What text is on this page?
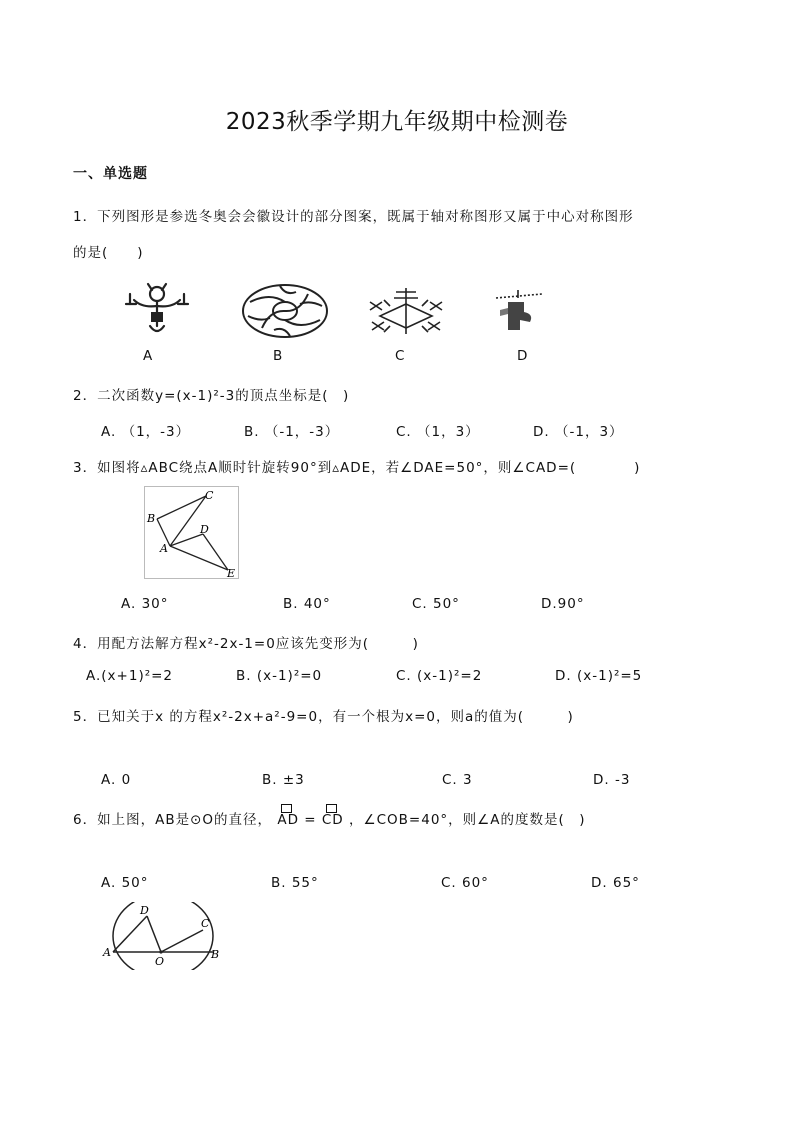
2023秋季学期九年级期中检测卷
一、单选题
1．下列图形是参选冬奥会会徽设计的部分图案，既属于轴对称图形又属于中心对称图形
的是(　　)
A	B	C	D
2．二次函数y=(x-1)²-3的顶点坐标是(　)
A. （1，-3）	B. （-1，-3）	C. （1，3）	D. （-1，3）
3．如图将▵ABC绕点A顺时针旋转90°到▵ADE，若∠DAE=50°，则∠CAD=(　　　　)
A
B
C
D
E
A. 30°	B. 40°	C. 50°	D.90°
4．用配方法解方程x²-2x-1=0应该先变形为(　　　)
A.(x+1)²=2	B. (x-1)²=0	C. (x-1)²=2	D. (x-1)²=5
5．已知关于x 的方程x²-2x+a²-9=0，有一个根为x=0，则a的值为(　　　)
A. 0	B. ±3	C. 3	D. -3
6．如上图，AB是⊙O的直径， AD = CD ，∠COB=40°，则∠A的度数是(　)
A. 50°	B. 55°	C. 60°	D. 65°
A	B
C
D
O
